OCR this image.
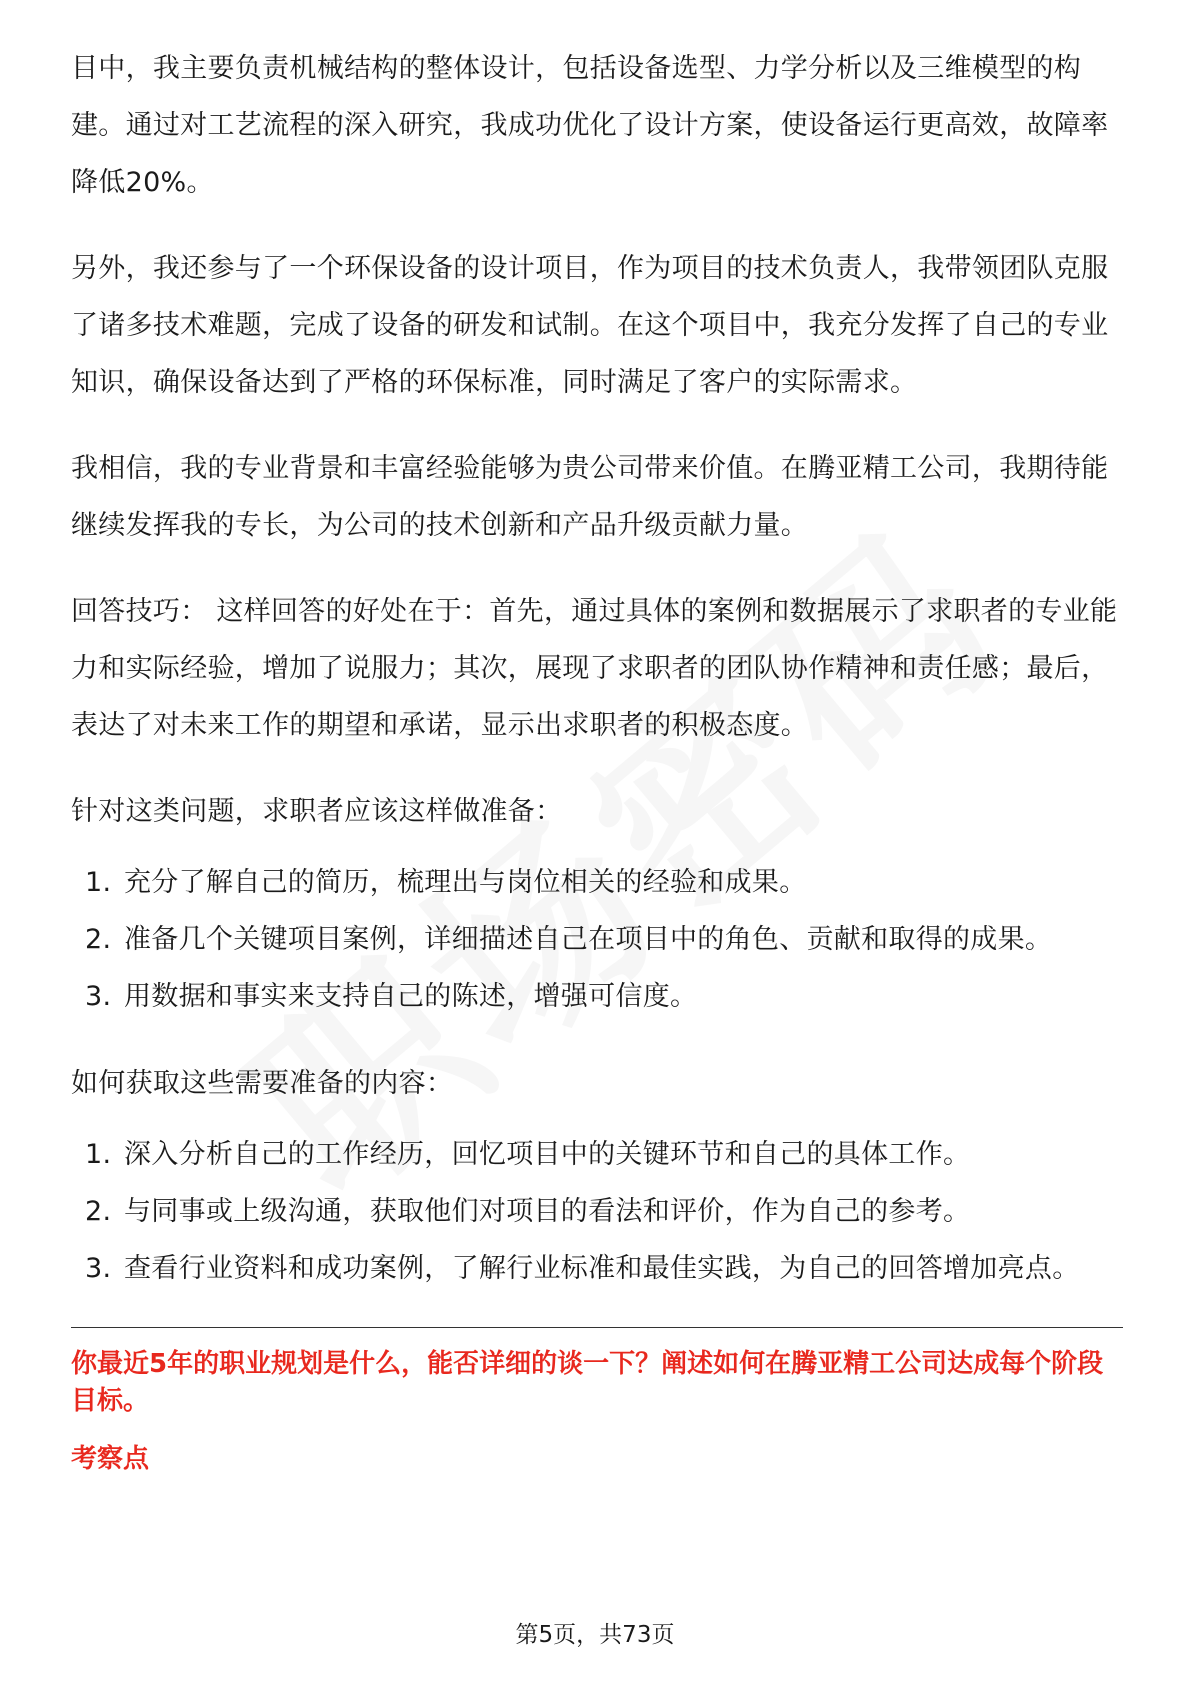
目中，我主要负责机械结构的整体设计，包括设备选型、力学分析以及三维模型的构建。通过对工艺流程的深入研究，我成功优化了设计方案，使设备运行更高效，故障率降低20%。

另外，我还参与了一个环保设备的设计项目，作为项目的技术负责人，我带领团队克服了诸多技术难题，完成了设备的研发和试制。在这个项目中，我充分发挥了自己的专业知识，确保设备达到了严格的环保标准，同时满足了客户的实际需求。

我相信，我的专业背景和丰富经验能够为贵公司带来价值。在腾亚精工公司，我期待能继续发挥我的专长，为公司的技术创新和产品升级贡献力量。

回答技巧： 这样回答的好处在于：首先，通过具体的案例和数据展示了求职者的专业能力和实际经验，增加了说服力；其次，展现了求职者的团队协作精神和责任感；最后，表达了对未来工作的期望和承诺，显示出求职者的积极态度。

针对这类问题，求职者应该这样做准备：

1. 充分了解自己的简历，梳理出与岗位相关的经验和成果。
2. 准备几个关键项目案例，详细描述自己在项目中的角色、贡献和取得的成果。
3. 用数据和事实来支持自己的陈述，增强可信度。

如何获取这些需要准备的内容：

1. 深入分析自己的工作经历，回忆项目中的关键环节和自己的具体工作。
2. 与同事或上级沟通，获取他们对项目的看法和评价，作为自己的参考。
3. 查看行业资料和成功案例，了解行业标准和最佳实践，为自己的回答增加亮点。

你最近5年的职业规划是什么，能否详细的谈一下？阐述如何在腾亚精工公司达成每个阶段目标。

考察点

第5页，共73页
